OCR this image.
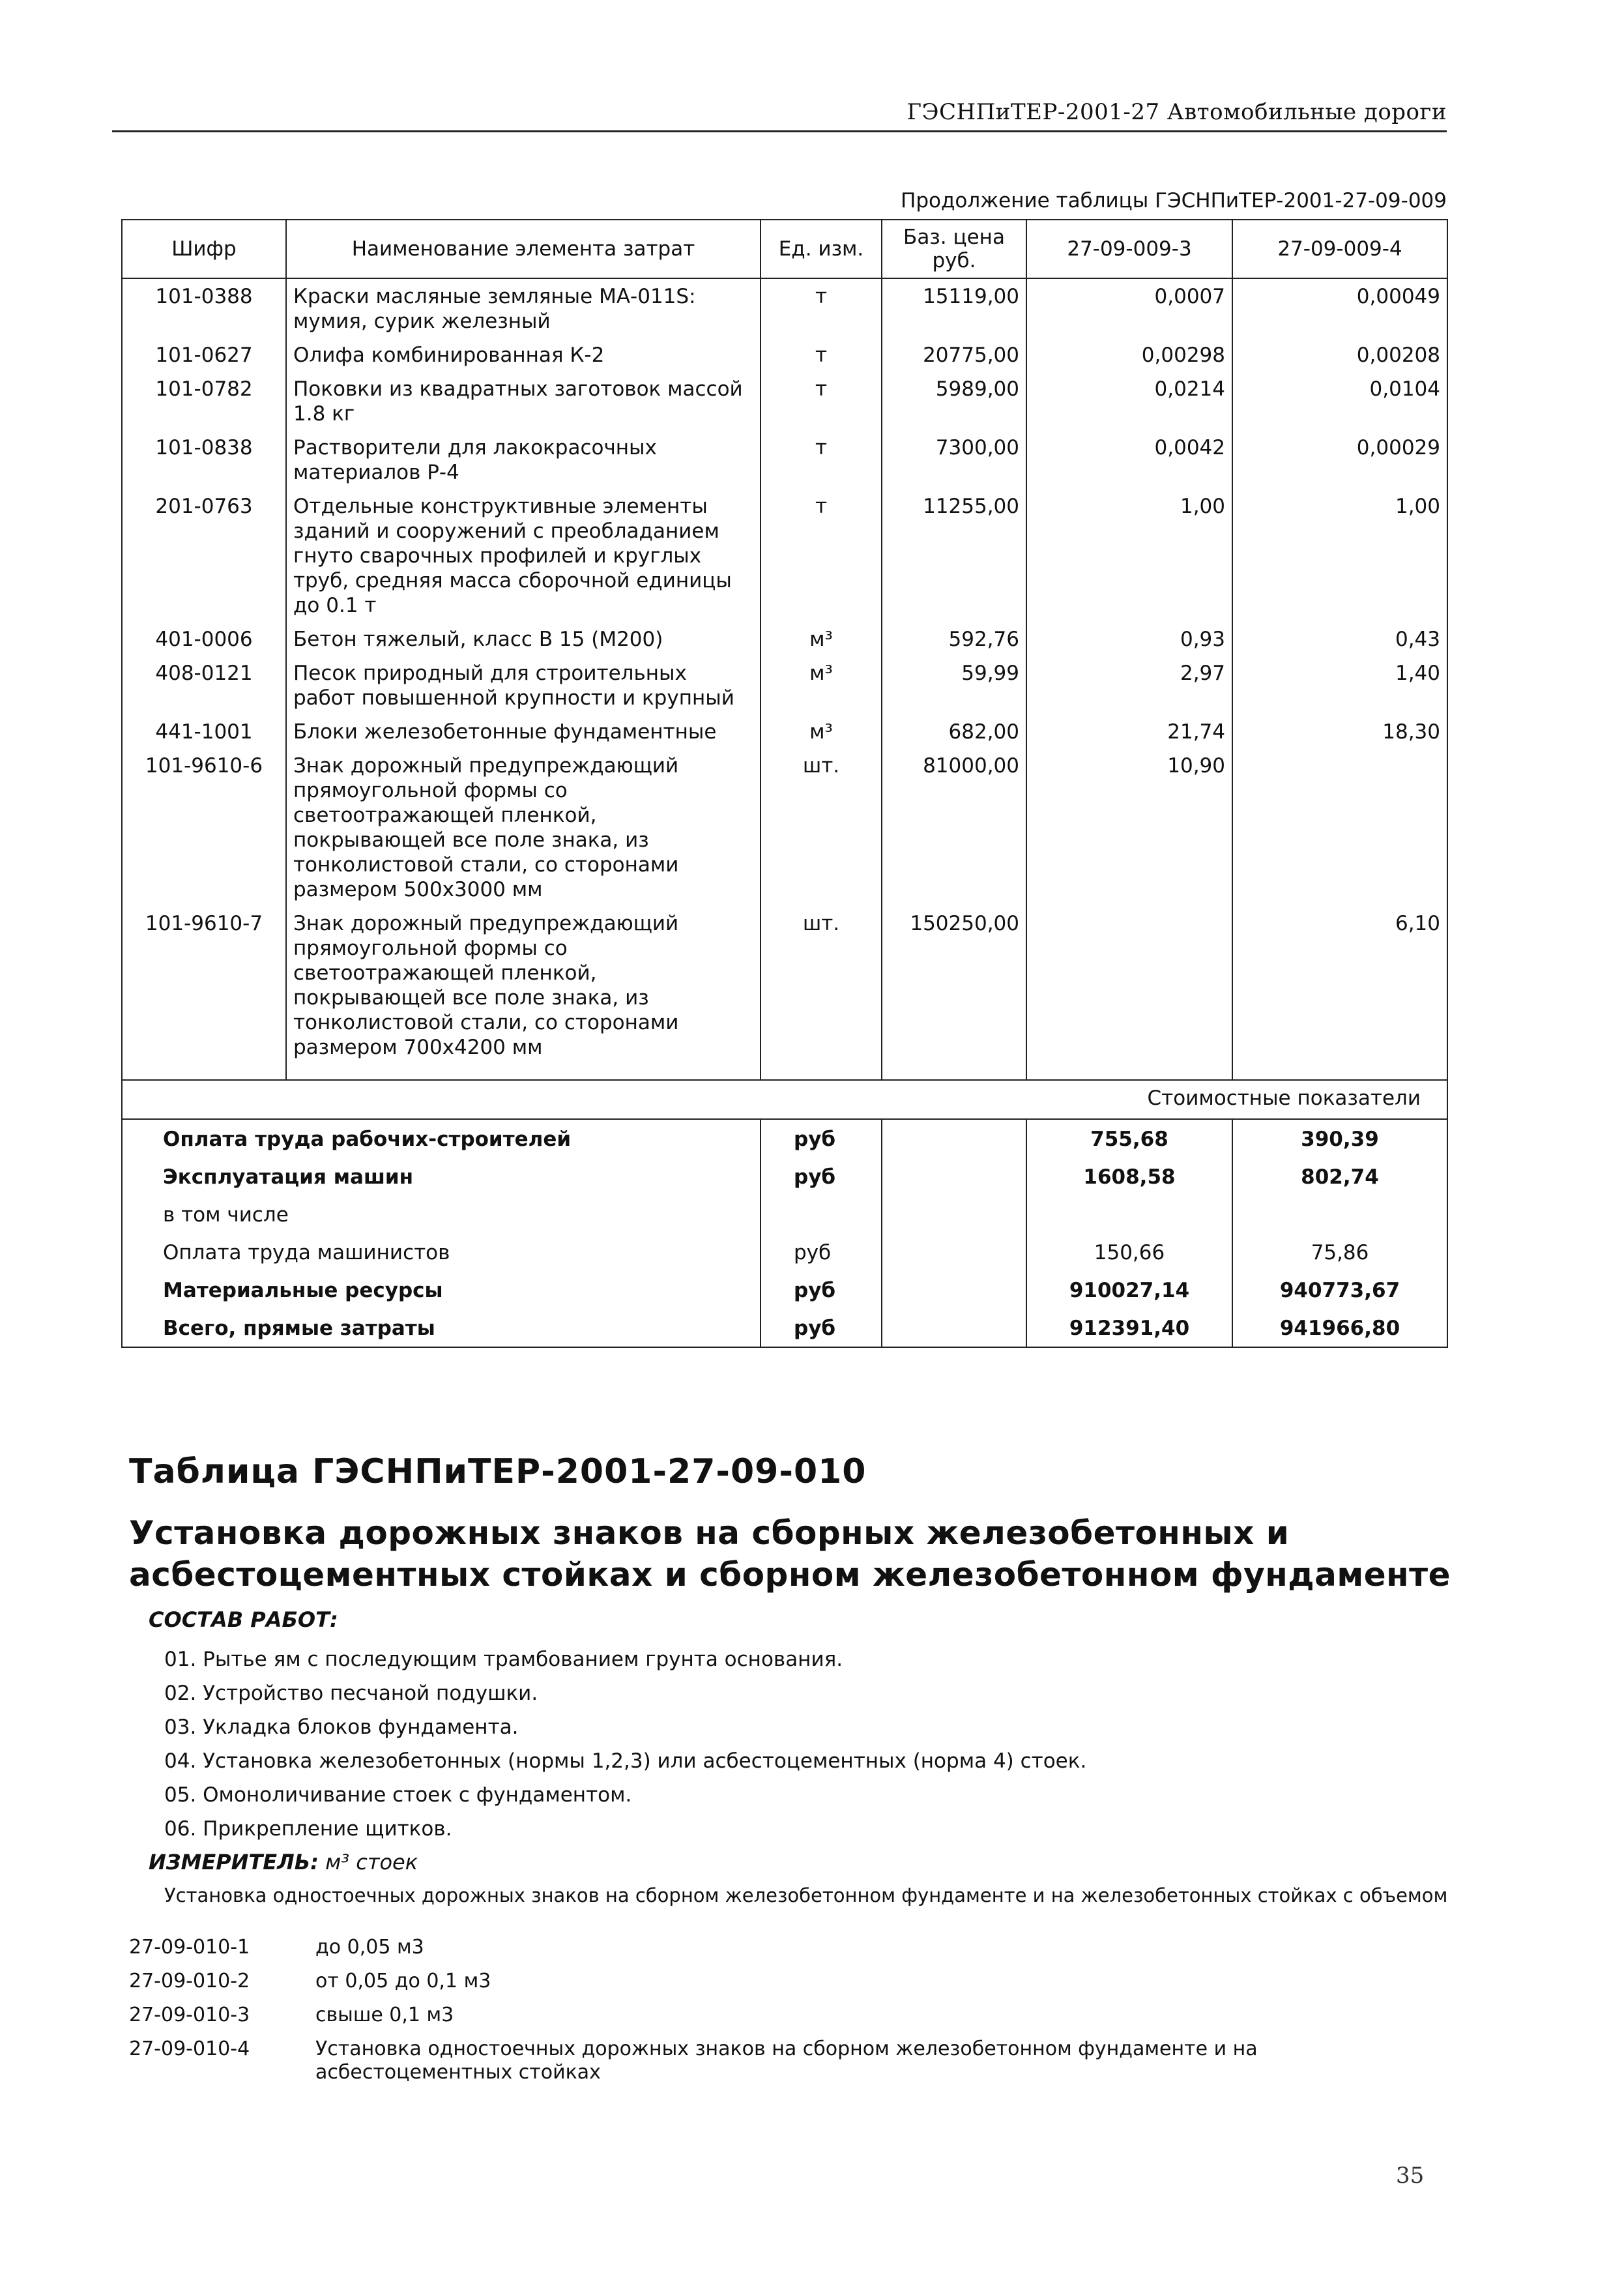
ГЭСНПиТЕР-2001-27 Автомобильные дороги
Продолжение таблицы ГЭСНПиТЕР-2001-27-09-009
Шифр	Наименование элемента затрат	Ед. изм.	Баз. цена руб.	27-09-009-3	27-09-009-4
101-0388	Краски масляные земляные МА-011S: мумия, сурик железный	т	15119,00	0,0007	0,00049
101-0627	Олифа комбинированная К-2	т	20775,00	0,00298	0,00208
101-0782	Поковки из квадратных заготовок массой 1.8 кг	т	5989,00	0,0214	0,0104
101-0838	Растворители для лакокрасочных материалов Р-4	т	7300,00	0,0042	0,00029
201-0763	Отдельные конструктивные элементы зданий и сооружений с преобладанием гнуто сварочных профилей и круглых труб, средняя масса сборочной единицы до 0.1 т	т	11255,00	1,00	1,00
401-0006	Бетон тяжелый, класс В 15 (М200)	м³	592,76	0,93	0,43
408-0121	Песок природный для строительных работ повышенной крупности и крупный	м³	59,99	2,97	1,40
441-1001	Блоки железобетонные фундаментные	м³	682,00	21,74	18,30
101-9610-6	Знак дорожный предупреждающий прямоугольной формы со светоотражающей пленкой, покрывающей все поле знака, из тонколистовой стали, со сторонами размером 500х3000 мм	шт.	81000,00	10,90	
101-9610-7	Знак дорожный предупреждающий прямоугольной формы со светоотражающей пленкой, покрывающей все поле знака, из тонколистовой стали, со сторонами размером 700х4200 мм	шт.	150250,00		6,10

Стоимостные показатели					
Оплата труда рабочих-строителей		руб		755,68	390,39
Эксплуатация машин		руб		1608,58	802,74
в том числе					
Оплата труда машинистов		руб		150,66	75,86
Материальные ресурсы		руб		910027,14	940773,67
Всего, прямые затраты		руб		912391,40	941966,80
Таблица ГЭСНПиТЕР-2001-27-09-010
Установка дорожных знаков на сборных железобетонных и асбестоцементных стойках и сборном железобетонном фундаменте
СОСТАВ РАБОТ:
01. Рытье ям с последующим трамбованием грунта основания.
02. Устройство песчаной подушки.
03. Укладка блоков фундамента.
04. Установка железобетонных (нормы 1,2,3) или асбестоцементных (норма 4) стоек.
05. Омоноличивание стоек с фундаментом.
06. Прикрепление щитков.
ИЗМЕРИТЕЛЬ: м³ стоек
Установка одностоечных дорожных знаков на сборном железобетонном фундаменте и на железобетонных стойках с объемом
27-09-010-1	до 0,05 м3
27-09-010-2	от 0,05 до 0,1 м3
27-09-010-3	свыше 0,1 м3
27-09-010-4	Установка одностоечных дорожных знаков на сборном железобетонном фундаменте и на асбестоцементных стойках
35
